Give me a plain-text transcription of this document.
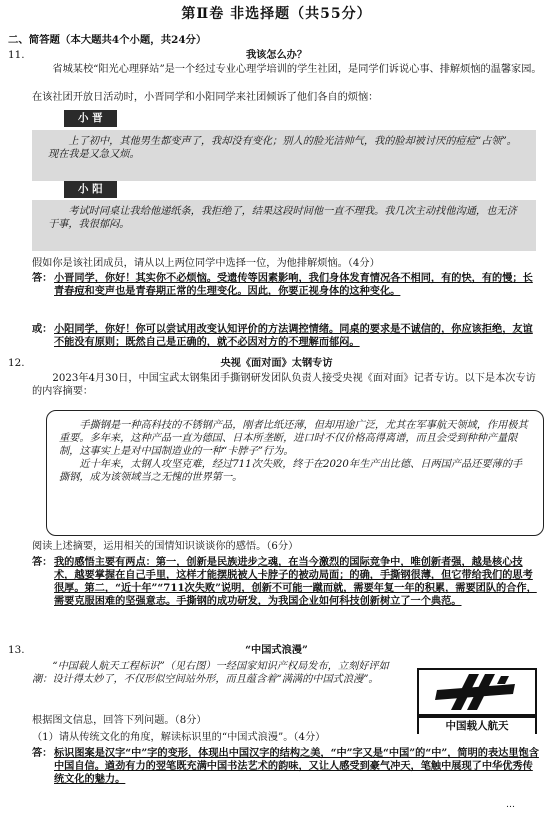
第Ⅱ卷 非选择题（共55分）
二、简答题（本大题共4个小题，共24分）
11.	我该怎么办？
省城某校“阳光心理驿站”是一个经过专业心理学培训的学生社团，是同学们诉说心事、排解烦恼的温馨家园。
在该社团开放日活动时，小晋同学和小阳同学来社团倾诉了他们各自的烦恼：
小 晋
上了初中，其他男生都变声了，我却没有变化；别人的脸光洁帅气，我的脸却被讨厌的痘痘“占领”。现在我是又急又烦。
小 阳
考试时同桌让我给他递纸条，我拒绝了，结果这段时间他一直不理我。我几次主动找他沟通，也无济于事，我很郁闷。
假如你是该社团成员，请从以上两位同学中选择一位，为他排解烦恼。（4分）
答： 小晋同学，你好！其实你不必烦恼。受遗传等因素影响，我们身体发育情况各不相同，有的快，有的慢；长青春痘和变声也是青春期正常的生理变化。因此，你要正视身体的这种变化。
或： 小阳同学，你好！你可以尝试用改变认知评价的方法调控情绪。同桌的要求是不诚信的，你应该拒绝，友谊不能没有原则；既然自己是正确的，就不必因对方的不理解而郁闷。
12.	央视《面对面》太钢专访
2023年4月30日，中国宝武太钢集团手撕钢研发团队负责人接受央视《面对面》记者专访。以下是本次专访的内容摘要：
手撕钢是一种高科技的不锈钢产品，刚者比纸还薄，但却用途广泛，尤其在军事航天领域，作用极其重要。多年来，这种产品一直为德国、日本所垄断，进口时不仅价格高得离谱，而且会受到种种产量限制，这事实上是对中国制造业的一种“卡脖子”行为。
近十年来，太钢人攻坚克难，经过711次失败，终于在2020年生产出比德、日两国产品还要薄的手撕钢，成为该领域当之无愧的世界第一。
阅读上述摘要，运用相关的国情知识谈谈你的感悟。（6分）
答： 我的感悟主要有两点：第一，创新是民族进步之魂，在当今激烈的国际竞争中，唯创新者强，越是核心技术，越要掌握在自己手里，这样才能摆脱被人卡脖子的被动局面；的确，手撕钢很薄，但它带给我们的思考很厚。第二，“近十年”“711次失败”说明，创新不可能一蹴而就，需要年复一年的积累，需要团队的合作，需要克服困难的坚强意志。手撕钢的成功研发，为我国企业如何科技创新树立了一个典范。
13.	“中国式浪漫”
“中国载人航天工程标识”（见右图）一经国家知识产权局发布，立刻好评如潮：设计得太妙了，不仅形似空间站外形，而且蕴含着“满满的中国式浪漫”。
根据图文信息，回答下列问题。（8分）	中国载人航天
（1）请从传统文化的角度，解读标识里的“中国式浪漫”。（4分）
答： 标识图案是汉字“中”字的变形，体现出中国汉字的结构之美，“中”字又是“中国”的“中”，简明的表达里饱含中国自信。遒劲有力的翌笔既充满中国书法艺术的韵味，又让人感受到豪气冲天，笔触中展现了中华优秀传统文化的魅力。
…
